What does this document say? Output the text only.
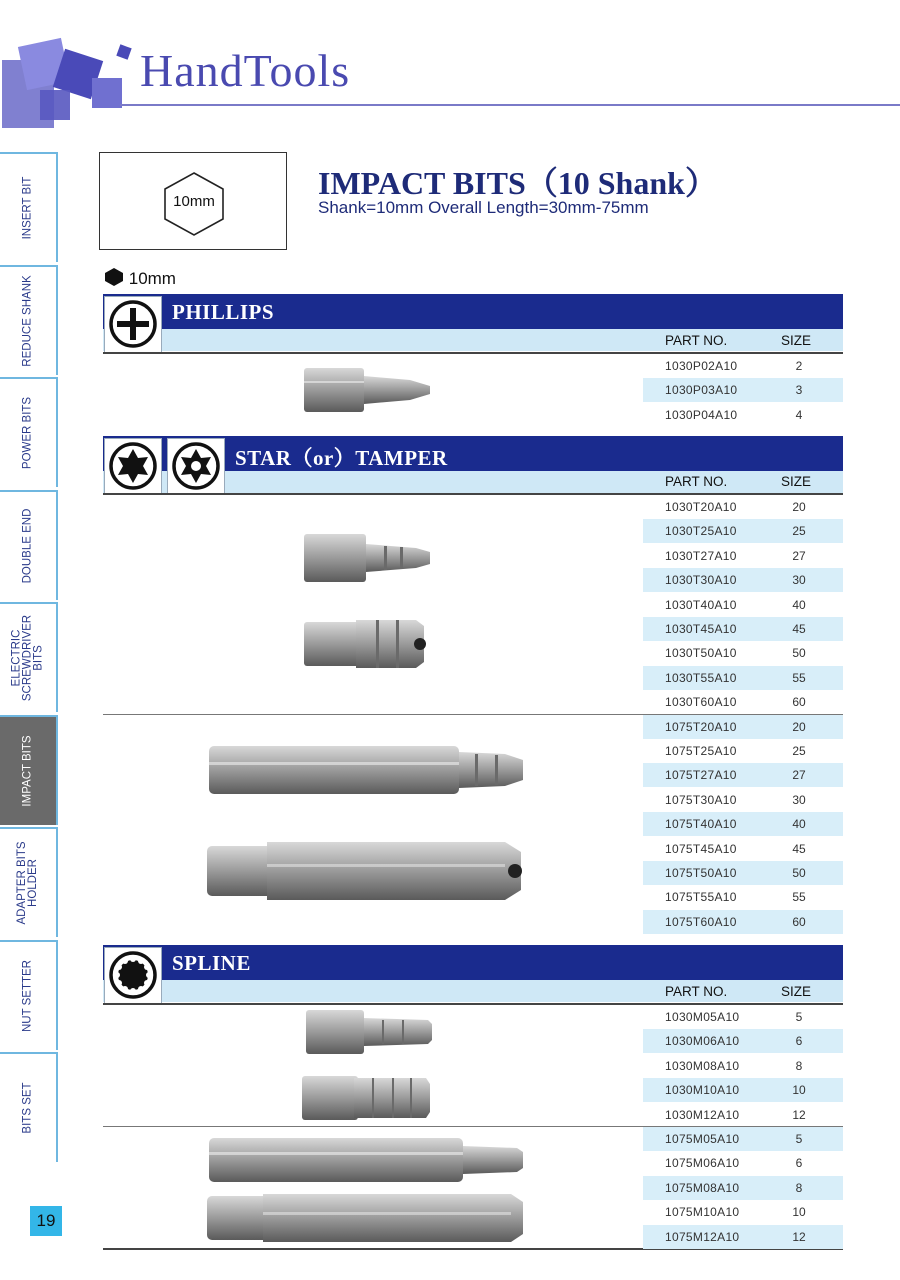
HandTools
INSERT BIT
REDUCE SHANK
POWER BITS
DOUBLE END
ELECTRIC SCREWDRIVER BITS
IMPACT BITS
ADAPTER BITS HOLDER
NUT SETTER
BITS SET
19
10mm
IMPACT BITS（10 Shank）
Shank=10mm Overall Length=30mm-75mm
10mm
PHILLIPS
PART NO.	SIZE
1030P02A10	2
1030P03A10	3
1030P04A10	4
STAR（or）TAMPER
PART NO.	SIZE
1030T20A10	20
1030T25A10	25
1030T27A10	27
1030T30A10	30
1030T40A10	40
1030T45A10	45
1030T50A10	50
1030T55A10	55
1030T60A10	60
1075T20A10	20
1075T25A10	25
1075T27A10	27
1075T30A10	30
1075T40A10	40
1075T45A10	45
1075T50A10	50
1075T55A10	55
1075T60A10	60
SPLINE
PART NO.	SIZE
1030M05A10	5
1030M06A10	6
1030M08A10	8
1030M10A10	10
1030M12A10	12
1075M05A10	5
1075M06A10	6
1075M08A10	8
1075M10A10	10
1075M12A10	12
